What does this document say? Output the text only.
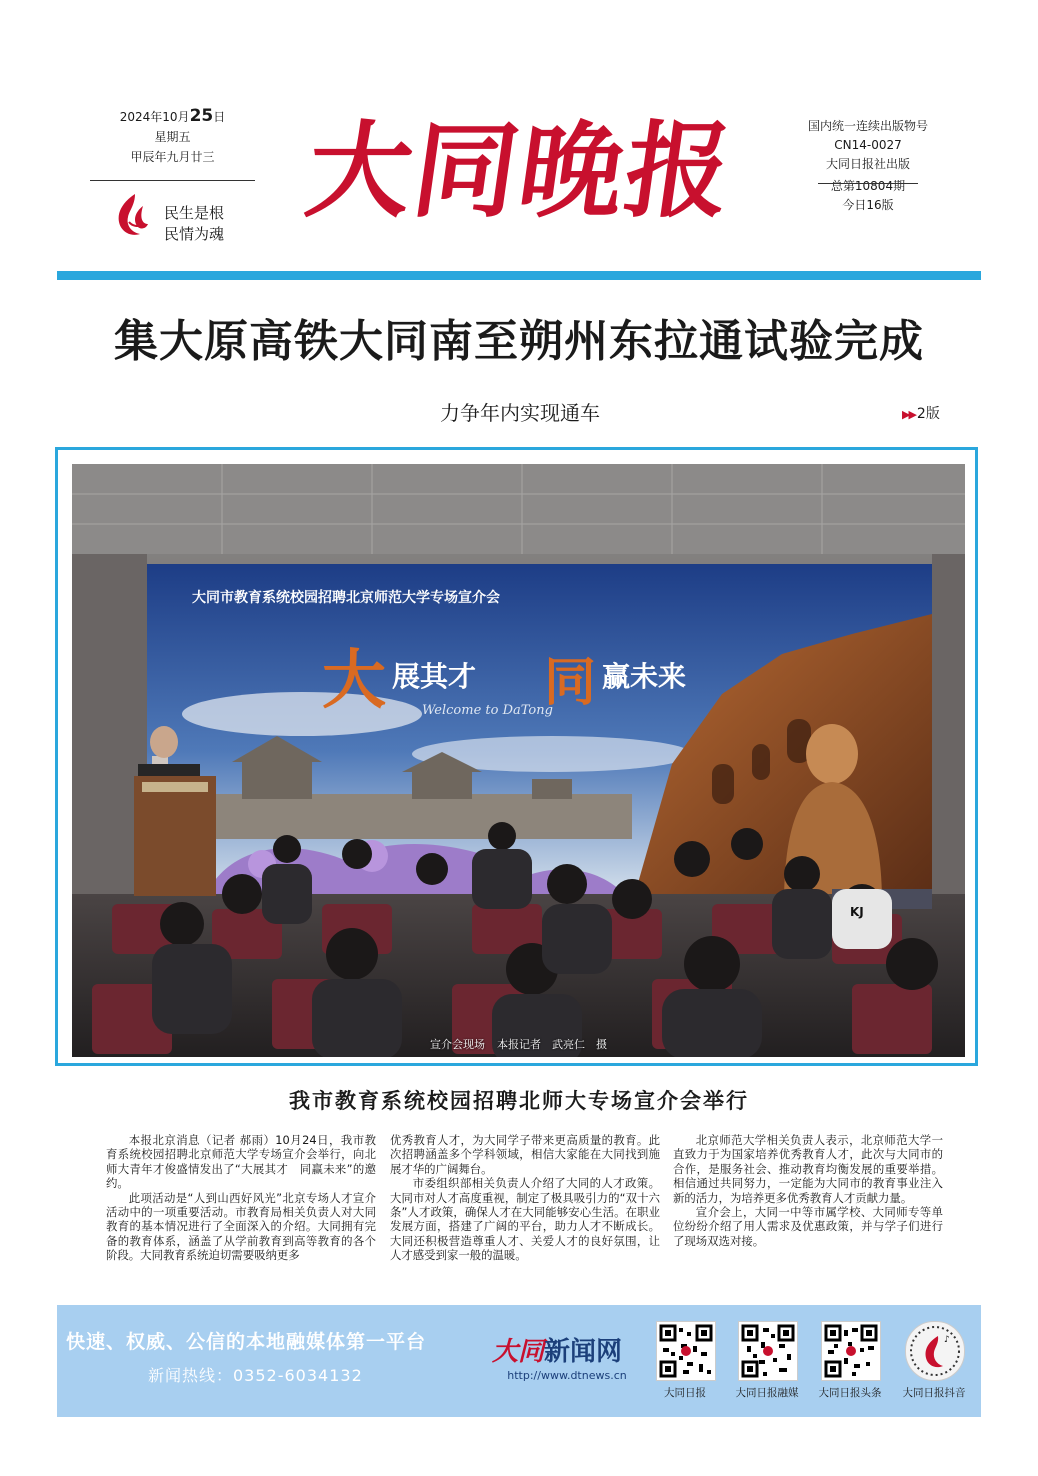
2024年10月25日
星期五
甲辰年九月廿三
民生是根
民情为魂
大同晚报	国内统一连续出版物号
CN14-0027
大同日报社出版
总第10804期
今日16版
集大原高铁大同南至朔州东拉通试验完成
力争年内实现通车	▶▶ 2版
大同市教育系统校园招聘北京师范大学专场宣介会
大 展其才 同 赢未来
Welcome to DaTong
KJ
宣介会现场 本报记者　武亮仁　摄
我市教育系统校园招聘北师大专场宣介会举行

本报北京消息（记者 郝雨）10月24日，我市教育系统校园招聘北京师范大学专场宣介会举行，向北师大青年才俊盛情发出了“大展其才　同赢未来”的邀约。

此项活动是“人到山西好风光”北京专场人才宣介活动中的一项重要活动。市教育局相关负责人对大同教育的基本情况进行了全面深入的介绍。大同拥有完备的教育体系，涵盖了从学前教育到高等教育的各个阶段。大同教育系统迫切需要吸纳更多

优秀教育人才，为大同学子带来更高质量的教育。此次招聘涵盖多个学科领域，相信大家能在大同找到施展才华的广阔舞台。

市委组织部相关负责人介绍了大同的人才政策。大同市对人才高度重视，制定了极具吸引力的“双十六条”人才政策，确保人才在大同能够安心生活。在职业发展方面，搭建了广阔的平台，助力人才不断成长。大同还积极营造尊重人才、关爱人才的良好氛围，让人才感受到家一般的温暖。

北京师范大学相关负责人表示，北京师范大学一直致力于为国家培养优秀教育人才，此次与大同市的合作，是服务社会、推动教育均衡发展的重要举措。相信通过共同努力，一定能为大同市的教育事业注入新的活力，为培养更多优秀教育人才贡献力量。

宣介会上，大同一中等市属学校、大同师专等单位纷纷介绍了用人需求及优惠政策，并与学子们进行了现场双选对接。

快速、权威、公信的本地融媒体第一平台
新闻热线：0352-6034132
大同新闻网
http://www.dtnews.cn
♪
大同日报	大同日报融媒	大同日报头条	大同日报抖音
